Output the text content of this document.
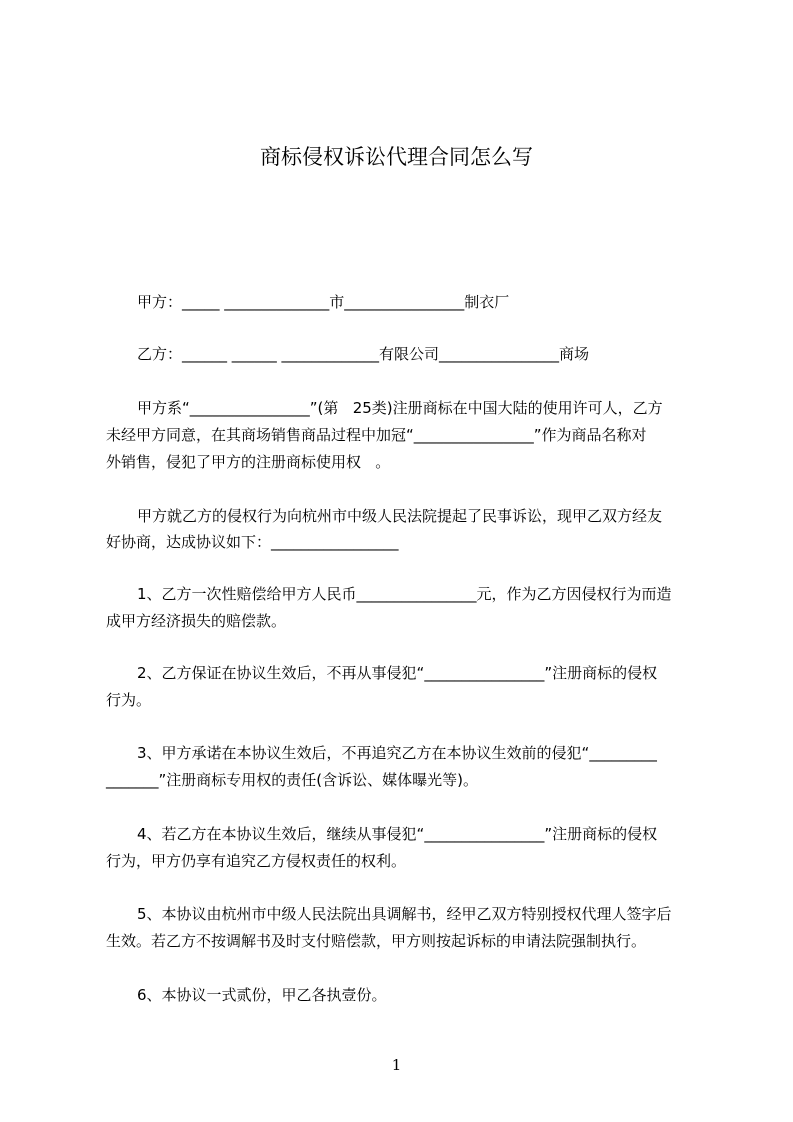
商标侵权诉讼代理合同怎么写
甲方：_____ ______________市________________制衣厂
乙方：______ ______ _____________有限公司________________商场
甲方系“________________”(第   25类)注册商标在中国大陆的使用许可人，乙方
未经甲方同意，在其商场销售商品过程中加冠“________________”作为商品名称对
外销售，侵犯了甲方的注册商标使用权   。
甲方就乙方的侵权行为向杭州市中级人民法院提起了民事诉讼，现甲乙双方经友
好协商，达成协议如下：_________________
1、乙方一次性赔偿给甲方人民币________________元，作为乙方因侵权行为而造
成甲方经济损失的赔偿款。
2、乙方保证在协议生效后，不再从事侵犯“________________”注册商标的侵权
行为。
3、甲方承诺在本协议生效后，不再追究乙方在本协议生效前的侵犯“_________
_______”注册商标专用权的责任(含诉讼、媒体曝光等)。
4、若乙方在本协议生效后，继续从事侵犯“________________”注册商标的侵权
行为，甲方仍享有追究乙方侵权责任的权利。
5、本协议由杭州市中级人民法院出具调解书，经甲乙双方特别授权代理人签字后
生效。若乙方不按调解书及时支付赔偿款，甲方则按起诉标的申请法院强制执行。
6、本协议一式贰份，甲乙各执壹份。
1
